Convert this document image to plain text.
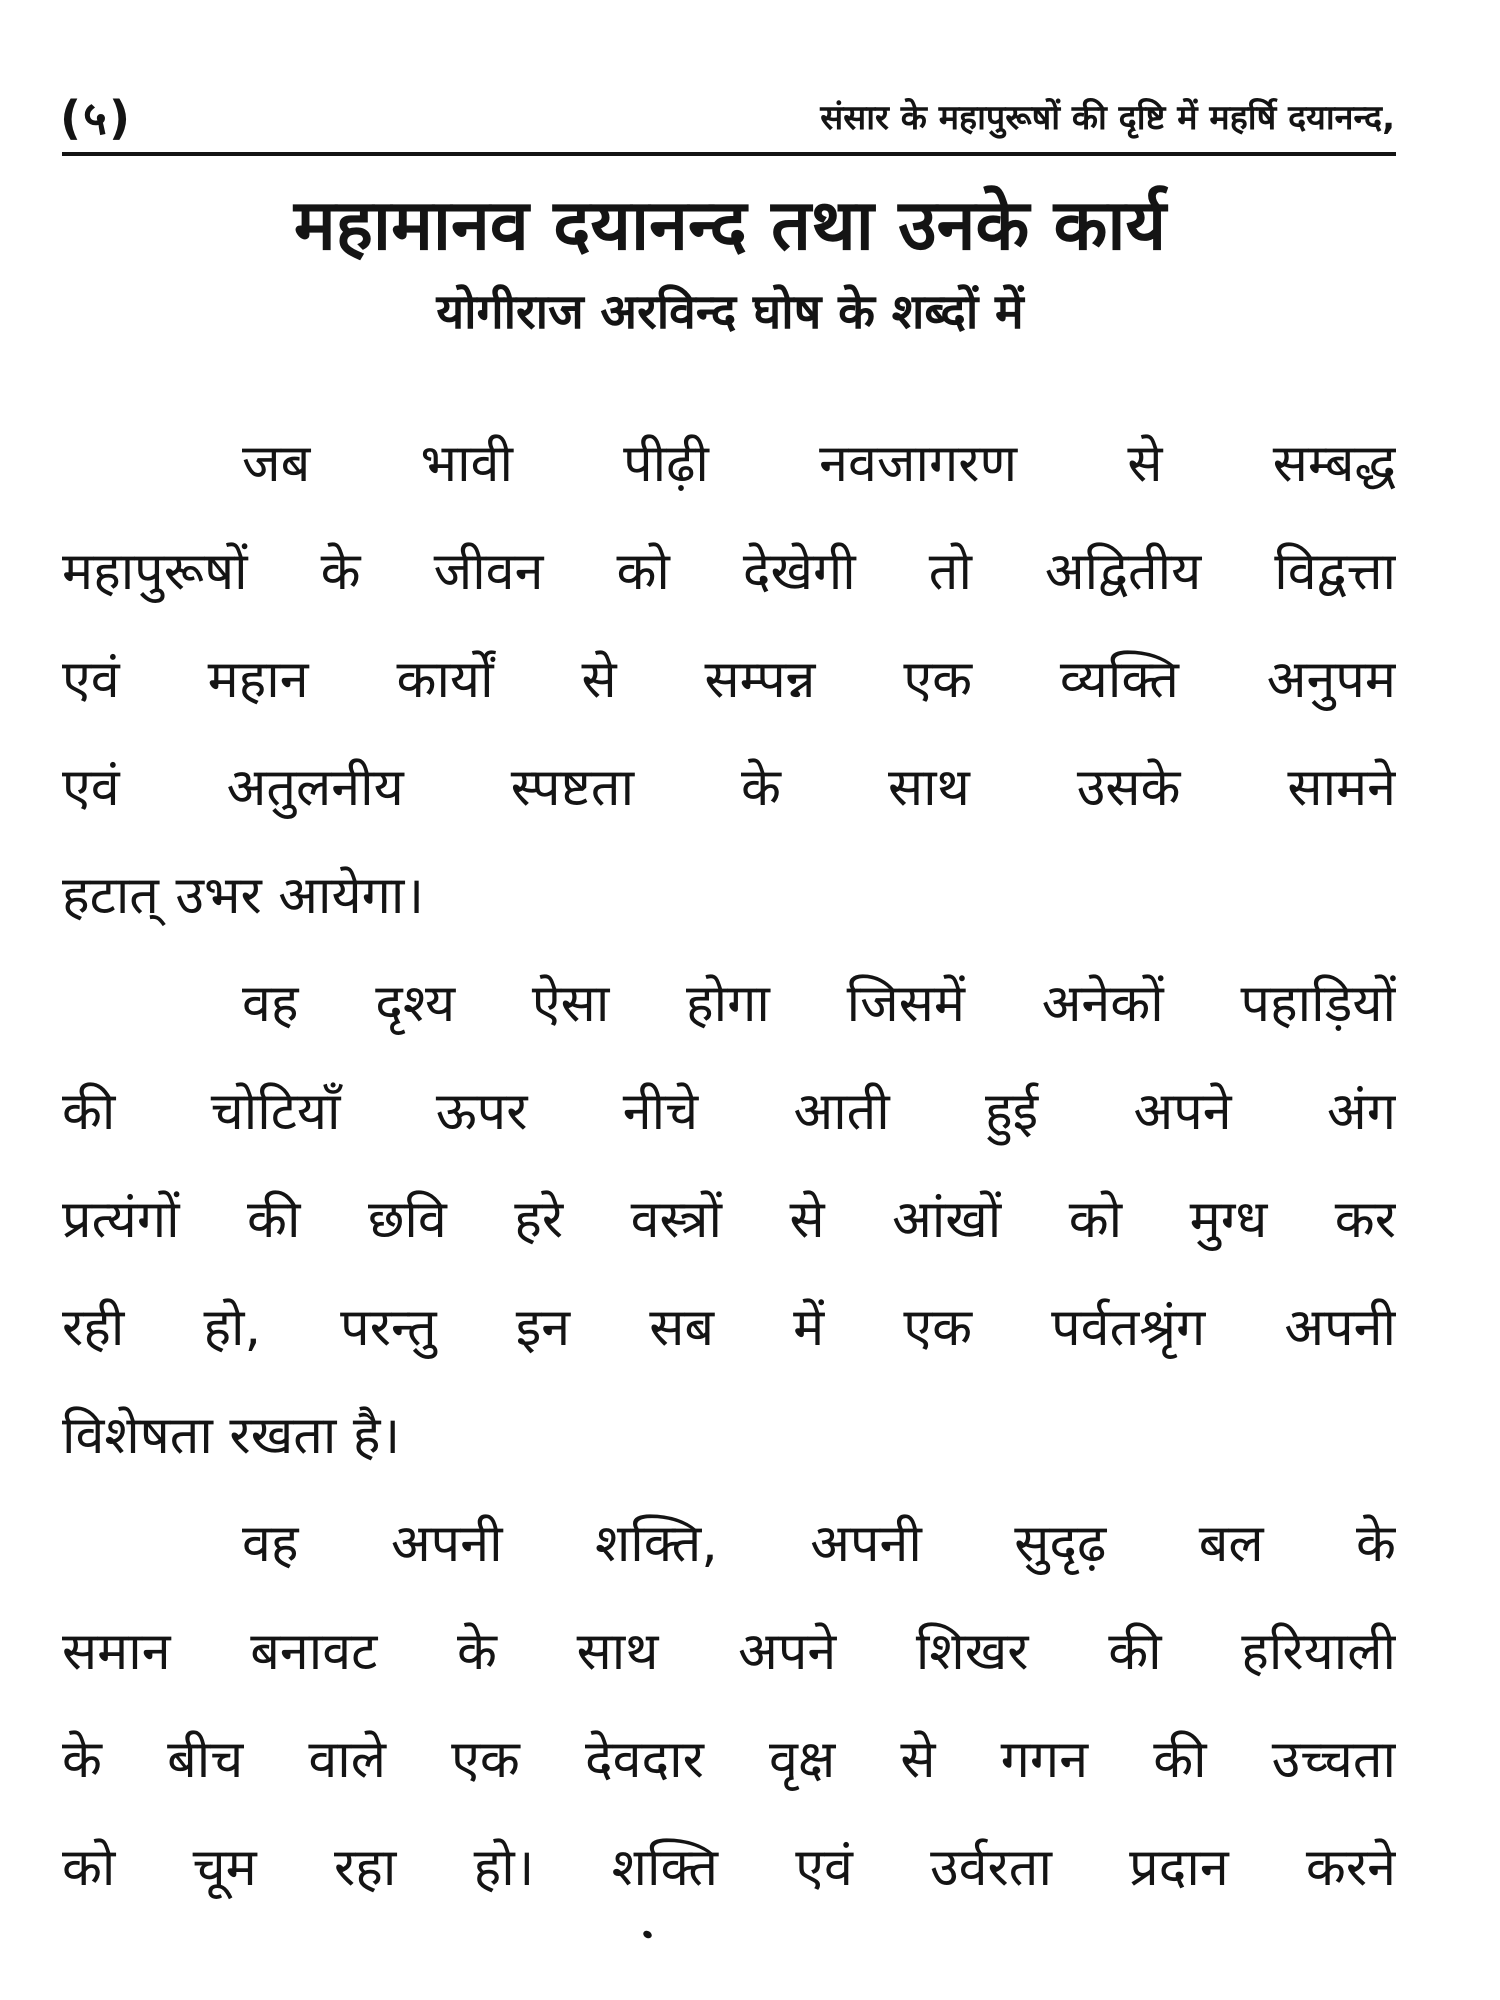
(५)	संसार के महापुरूषों की दृष्टि में महर्षि दयानन्द,
महामानव दयानन्द तथा उनके कार्य
योगीराज अरविन्द घोष के शब्दों में
जब भावी पीढ़ी नवजागरण से सम्बद्ध
महापुरूषों के जीवन को देखेगी तो अद्वितीय विद्वत्ता
एवं महान कार्यों से सम्पन्न एक व्यक्ति अनुपम
एवं अतुलनीय स्पष्टता के साथ उसके सामने
हटात् उभर आयेगा।
वह दृश्य ऐसा होगा जिसमें अनेकों पहाड़ियों
की चोटियाँ ऊपर नीचे आती हुई अपने अंग
प्रत्यंगों की छवि हरे वस्त्रों से आंखों को मुग्ध कर
रही हो, परन्तु इन सब में एक पर्वतश्रृंग अपनी
विशेषता रखता है।
वह अपनी शक्ति, अपनी सुदृढ़ बल के
समान बनावट के साथ अपने शिखर की हरियाली
के बीच वाले एक देवदार वृक्ष से गगन की उच्चता
को चूम रहा हो। शक्ति एवं उर्वरता प्रदान करने
